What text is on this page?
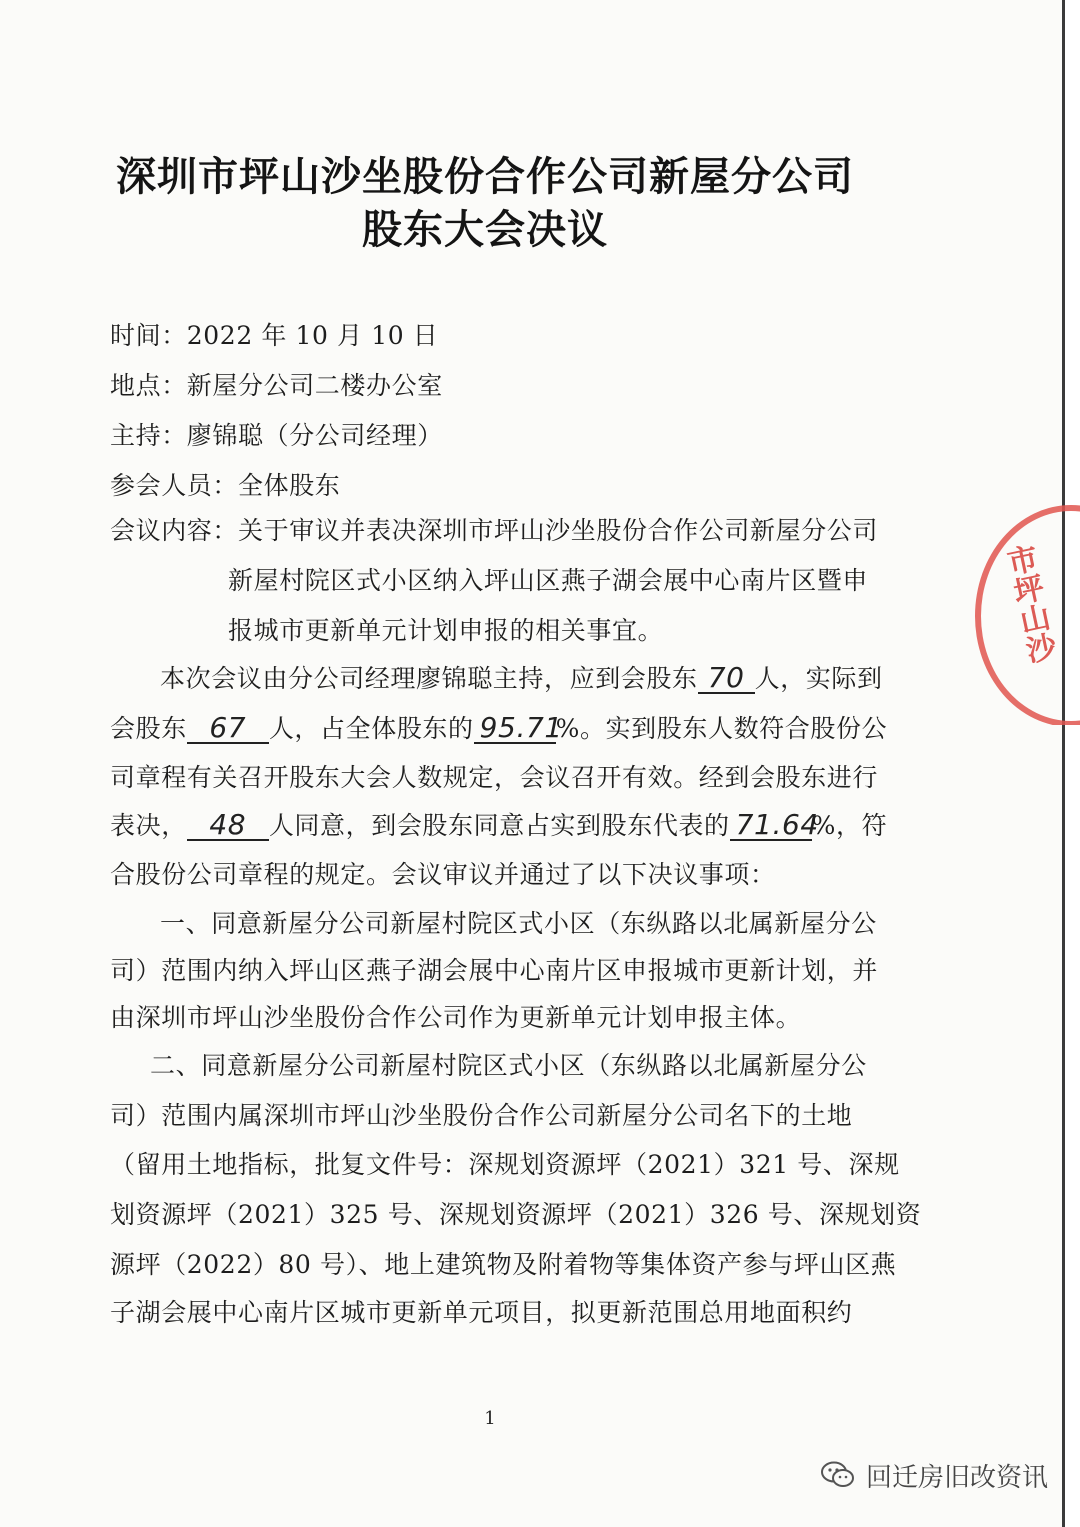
深圳市坪山沙坐股份合作公司新屋分公司
股东大会决议
时间：2022 年 10 月 10 日
地点：新屋分公司二楼办公室
主持：廖锦聪（分公司经理）
参会人员：全体股东
会议内容：关于审议并表决深圳市坪山沙坐股份合作公司新屋分公司
新屋村院区式小区纳入坪山区燕子湖会展中心南片区暨申
报城市更新单元计划申报的相关事宜。
本次会议由分公司经理廖锦聪主持，应到会股东 70 人，实际到
会股东 67 人，占全体股东的 95.71%。实到股东人数符合股份公
司章程有关召开股东大会人数规定，会议召开有效。经到会股东进行
表决， 48 人同意，到会股东同意占实到股东代表的 71.64%，符
合股份公司章程的规定。会议审议并通过了以下决议事项：
一、同意新屋分公司新屋村院区式小区（东纵路以北属新屋分公
司）范围内纳入坪山区燕子湖会展中心南片区申报城市更新计划，并
由深圳市坪山沙坐股份合作公司作为更新单元计划申报主体。
二、同意新屋分公司新屋村院区式小区（东纵路以北属新屋分公
司）范围内属深圳市坪山沙坐股份合作公司新屋分公司名下的土地
（留用土地指标，批复文件号：深规划资源坪（2021）321 号、深规
划资源坪（2021）325 号、深规划资源坪（2021）326 号、深规划资
源坪（2022）80 号）、地上建筑物及附着物等集体资产参与坪山区燕
子湖会展中心南片区城市更新单元项目，拟更新范围总用地面积约
市坪山沙
1
回迁房旧改资讯
